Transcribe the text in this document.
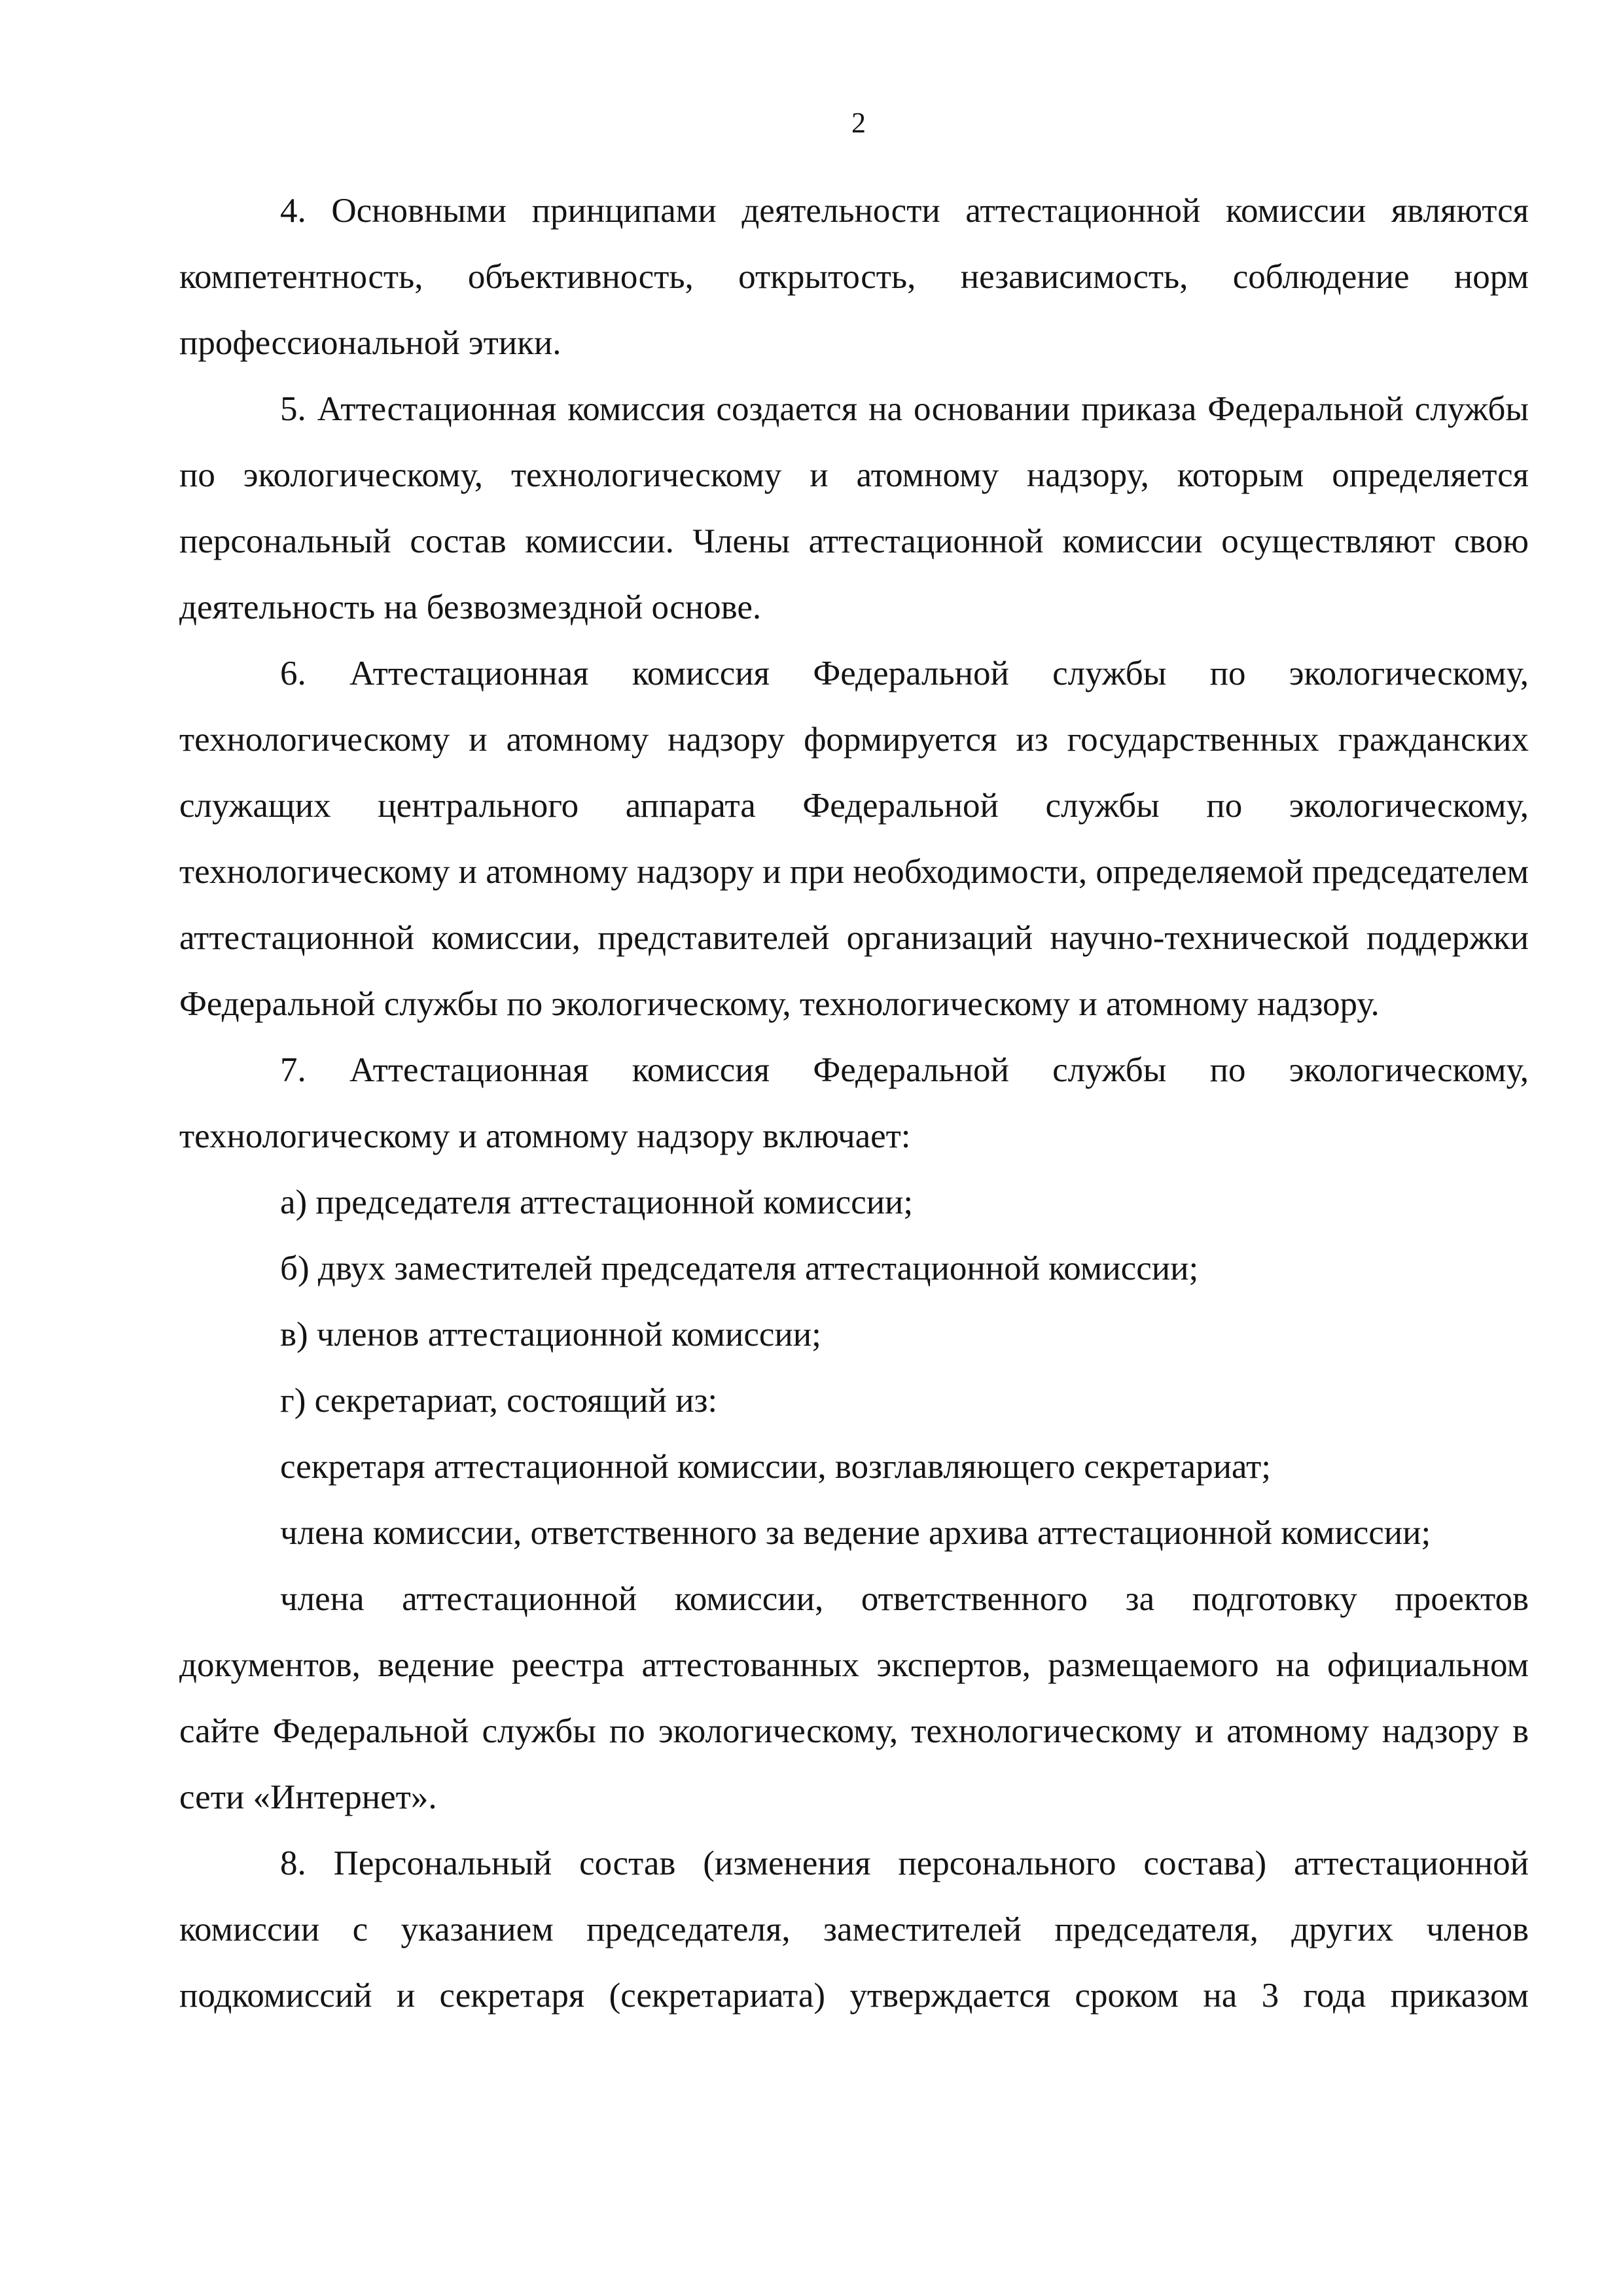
2

4. Основными принципами деятельности аттестационной комиссии являются компетентность, объективность, открытость, независимость, соблюдение норм профессиональной этики.

5. Аттестационная комиссия создается на основании приказа Федеральной службы по экологическому, технологическому и атомному надзору, которым определяется персональный состав комиссии. Члены аттестационной комиссии осуществляют свою деятельность на безвозмездной основе.

6. Аттестационная комиссия Федеральной службы по экологическому, технологическому и атомному надзору формируется из государственных гражданских служащих центрального аппарата Федеральной службы по экологическому, технологическому и атомному надзору и при необходимости, определяемой председателем аттестационной комиссии, представителей организаций научно-технической поддержки Федеральной службы по экологическому, технологическому и атомному надзору.

7. Аттестационная комиссия Федеральной службы по экологическому, технологическому и атомному надзору включает:

а) председателя аттестационной комиссии;

б) двух заместителей председателя аттестационной комиссии;

в) членов аттестационной комиссии;

г) секретариат, состоящий из:

секретаря аттестационной комиссии, возглавляющего секретариат;

члена комиссии, ответственного за ведение архива аттестационной комиссии;

члена аттестационной комиссии, ответственного за подготовку проектов документов, ведение реестра аттестованных экспертов, размещаемого на официальном сайте Федеральной службы по экологическому, технологическому и атомному надзору в сети «Интернет».

8. Персональный состав (изменения персонального состава) аттестационной комиссии с указанием председателя, заместителей председателя, других членов подкомиссий и секретаря (секретариата) утверждается сроком на 3 года приказом
